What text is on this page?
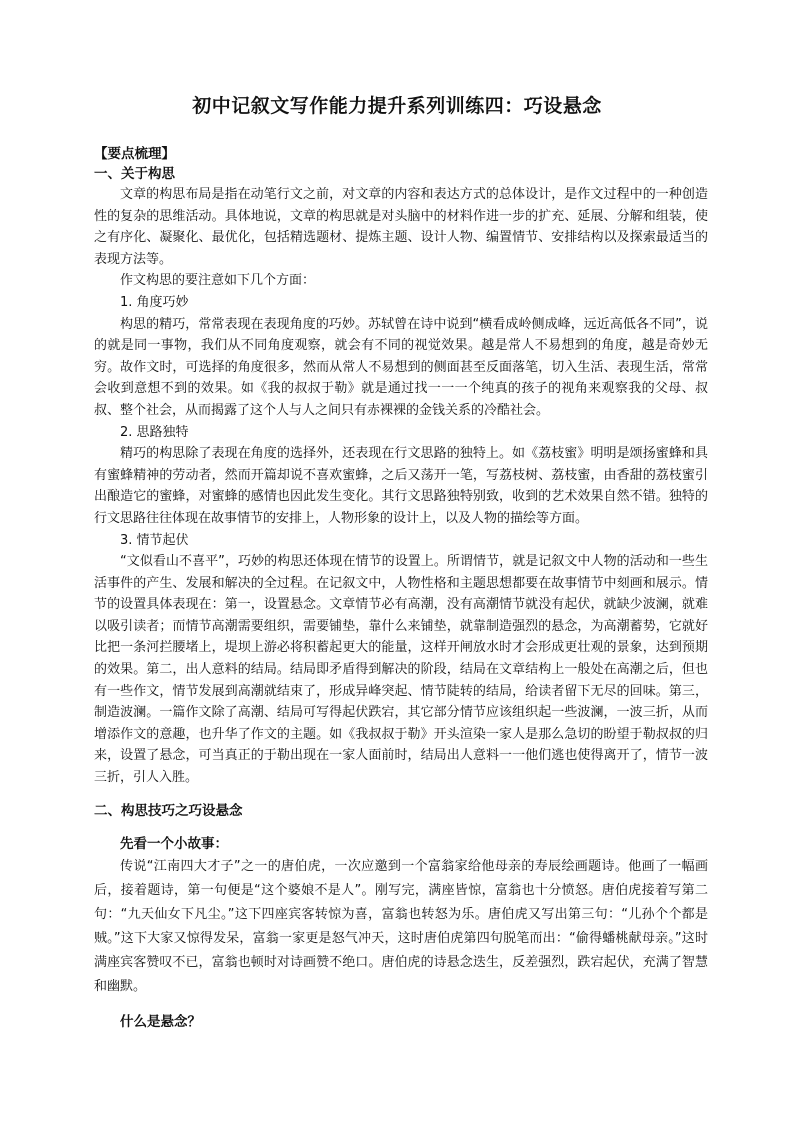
初中记叙文写作能力提升系列训练四：巧设悬念

【要点梳理】

一、关于构思

文章的构思布局是指在动笔行文之前，对文章的内容和表达方式的总体设计，是作文过程中的一种创造性的复杂的思维活动。具体地说，文章的构思就是对头脑中的材料作进一步的扩充、延展、分解和组装，使之有序化、凝聚化、最优化，包括精选题材、提炼主题、设计人物、编置情节、安排结构以及探索最适当的表现方法等。

作文构思的要注意如下几个方面：

1. 角度巧妙

构思的精巧，常常表现在表现角度的巧妙。苏轼曾在诗中说到“横看成岭侧成峰，远近高低各不同”，说的就是同一事物，我们从不同角度观察，就会有不同的视觉效果。越是常人不易想到的角度，越是奇妙无穷。故作文时，可选择的角度很多，然而从常人不易想到的侧面甚至反面落笔，切入生活、表现生活，常常会收到意想不到的效果。如《我的叔叔于勒》就是通过找一一一个纯真的孩子的视角来观察我的父母、叔叔、整个社会，从而揭露了这个人与人之间只有赤裸裸的金钱关系的冷酷社会。

2. 思路独特

精巧的构思除了表现在角度的选择外，还表现在行文思路的独特上。如《荔枝蜜》明明是颂扬蜜蜂和具有蜜蜂精神的劳动者，然而开篇却说不喜欢蜜蜂，之后又荡开一笔，写荔枝树、荔枝蜜，由香甜的荔枝蜜引出酿造它的蜜蜂，对蜜蜂的感情也因此发生变化。其行文思路独特别致，收到的艺术效果自然不错。独特的行文思路往往体现在故事情节的安排上，人物形象的设计上，以及人物的描绘等方面。

3. 情节起伏

“文似看山不喜平”，巧妙的构思还体现在情节的设置上。所谓情节，就是记叙文中人物的活动和一些生活事件的产生、发展和解决的全过程。在记叙文中，人物性格和主题思想都要在故事情节中刻画和展示。情节的设置具体表现在：第一，设置悬念。文章情节必有高潮，没有高潮情节就没有起伏，就缺少波澜，就难以吸引读者；而情节高潮需要组织，需要铺垫，靠什么来铺垫，就靠制造强烈的悬念，为高潮蓄势，它就好比把一条河拦腰堵上，堤坝上游必将积蓄起更大的能量，这样开闸放水时才会形成更壮观的景象，达到预期的效果。第二，出人意料的结局。结局即矛盾得到解决的阶段，结局在文章结构上一般处在高潮之后，但也有一些作文，情节发展到高潮就结束了，形成异峰突起、情节陡转的结局，给读者留下无尽的回味。第三，制造波澜。一篇作文除了高潮、结局可写得起伏跌宕，其它部分情节应该组织起一些波澜，一波三折，从而增添作文的意趣，也升华了作文的主题。如《我叔叔于勒》开头渲染一家人是那么急切的盼望于勒叔叔的归来，设置了悬念，可当真正的于勒出现在一家人面前时，结局出人意料一一他们逃也使得离开了，情节一波三折，引人入胜。

二、构思技巧之巧设悬念

先看一个小故事：

传说“江南四大才子”之一的唐伯虎，一次应邀到一个富翁家给他母亲的寿辰绘画题诗。他画了一幅画后，接着题诗，第一句便是“这个婆娘不是人”。刚写完，满座皆惊，富翁也十分愤怒。唐伯虎接着写第二句：“九天仙女下凡尘。”这下四座宾客转惊为喜，富翁也转怒为乐。唐伯虎又写出第三句：“儿孙个个都是贼。”这下大家又惊得发呆，富翁一家更是怒气冲天，这时唐伯虎第四句脱笔而出：“偷得蟠桃献母亲。”这时满座宾客赞叹不已，富翁也顿时对诗画赞不绝口。唐伯虎的诗悬念迭生，反差强烈，跌宕起伏，充满了智慧和幽默。

什么是悬念？
